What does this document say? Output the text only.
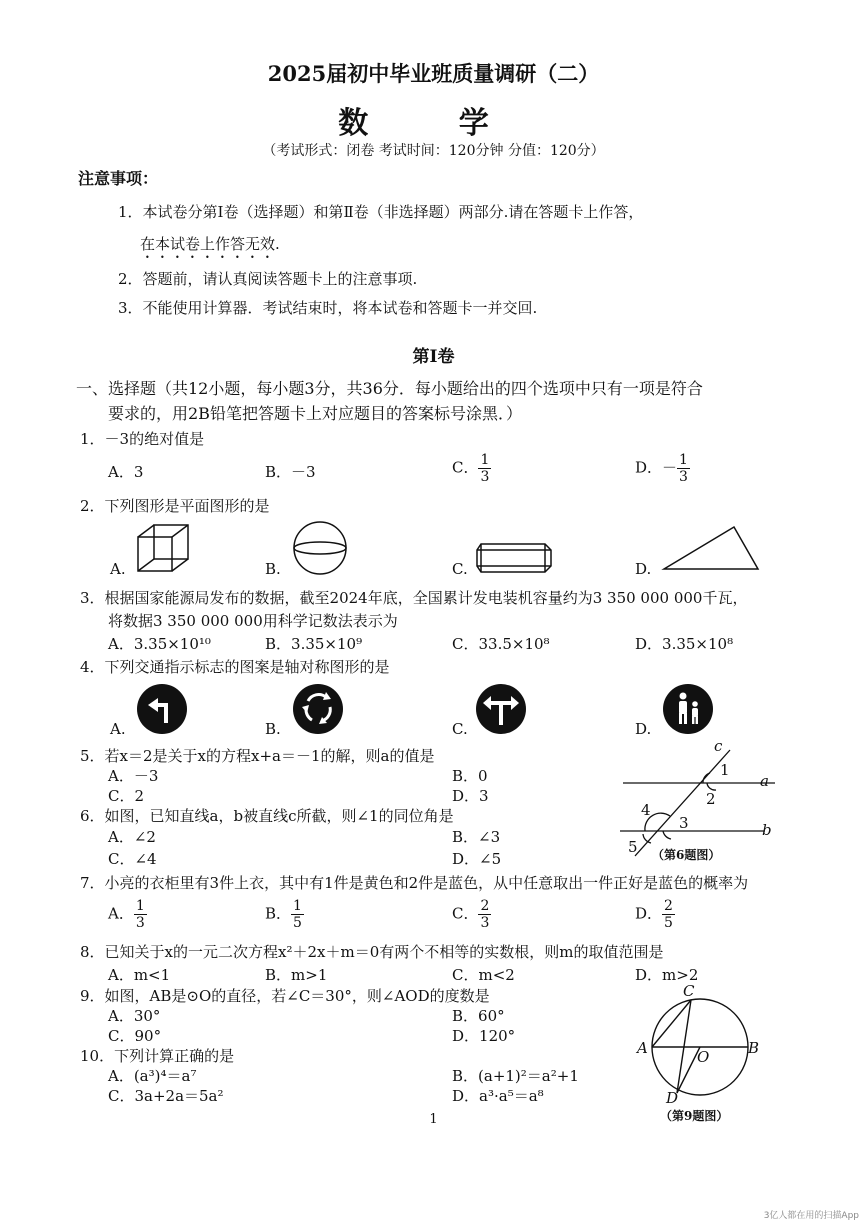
2025届初中毕业班质量调研（二）
数 学
（考试形式：闭卷 考试时间：120分钟 分值：120分）
注意事项：
1．本试卷分第Ⅰ卷（选择题）和第Ⅱ卷（非选择题）两部分.请在答题卡上作答，
在本试卷上作答无效.
2．答题前，请认真阅读答题卡上的注意事项.
3．不能使用计算器．考试结束时，将本试卷和答题卡一并交回.
第Ⅰ卷
一、选择题（共12小题，每小题3分，共36分．每小题给出的四个选项中只有一项是符合
要求的，用2B铅笔把答题卡上对应题目的答案标号涂黑．）
1．－3的绝对值是
A．3	B．－3	C． $\frac{1}{3}$	D．－ $\frac{1}{3}$
2．下列图形是平面图形的是
A.	B.	C.	D.
3．根据国家能源局发布的数据，截至2024年底，全国累计发电装机容量约为3 350 000 000千瓦，
将数据3 350 000 000用科学记数法表示为
A．3.35×10¹⁰	B．3.35×10⁹	C．33.5×10⁸	D．3.35×10⁸
4．下列交通指示标志的图案是轴对称图形的是
A.	B.	C.	D.
5．若x＝2是关于x的方程x+a＝－1的解，则a的值是
A．－3	B．0
C．2	D．3
6．如图，已知直线a，b被直线c所截，则∠1的同位角是
A．∠2	B．∠3
C．∠4	D．∠5
c
1
a
2
4
3	b
5 （第6题图）
7．小亮的衣柜里有3件上衣，其中有1件是黄色和2件是蓝色，从中任意取出一件正好是蓝色的概率为
A． $\frac{1}{3}$	B． $\frac{1}{5}$	C． $\frac{2}{3}$	D． $\frac{2}{5}$
8．已知关于x的一元二次方程x²＋2x＋m＝0有两个不相等的实数根，则m的取值范围是
A．m<1	B．m>1	C．m<2	D．m>2
9．如图，AB是⊙O的直径，若∠C＝30°，则∠AOD的度数是
A．30°	B．60°
C．90°	D．120°
C
A	O	B
D
（第9题图）
10．下列计算正确的是
A．(a³)⁴＝a⁷	B．(a+1)²＝a²+1
C．3a+2a＝5a²	D．a³·a⁵＝a⁸
1
3亿人都在用的扫描App
